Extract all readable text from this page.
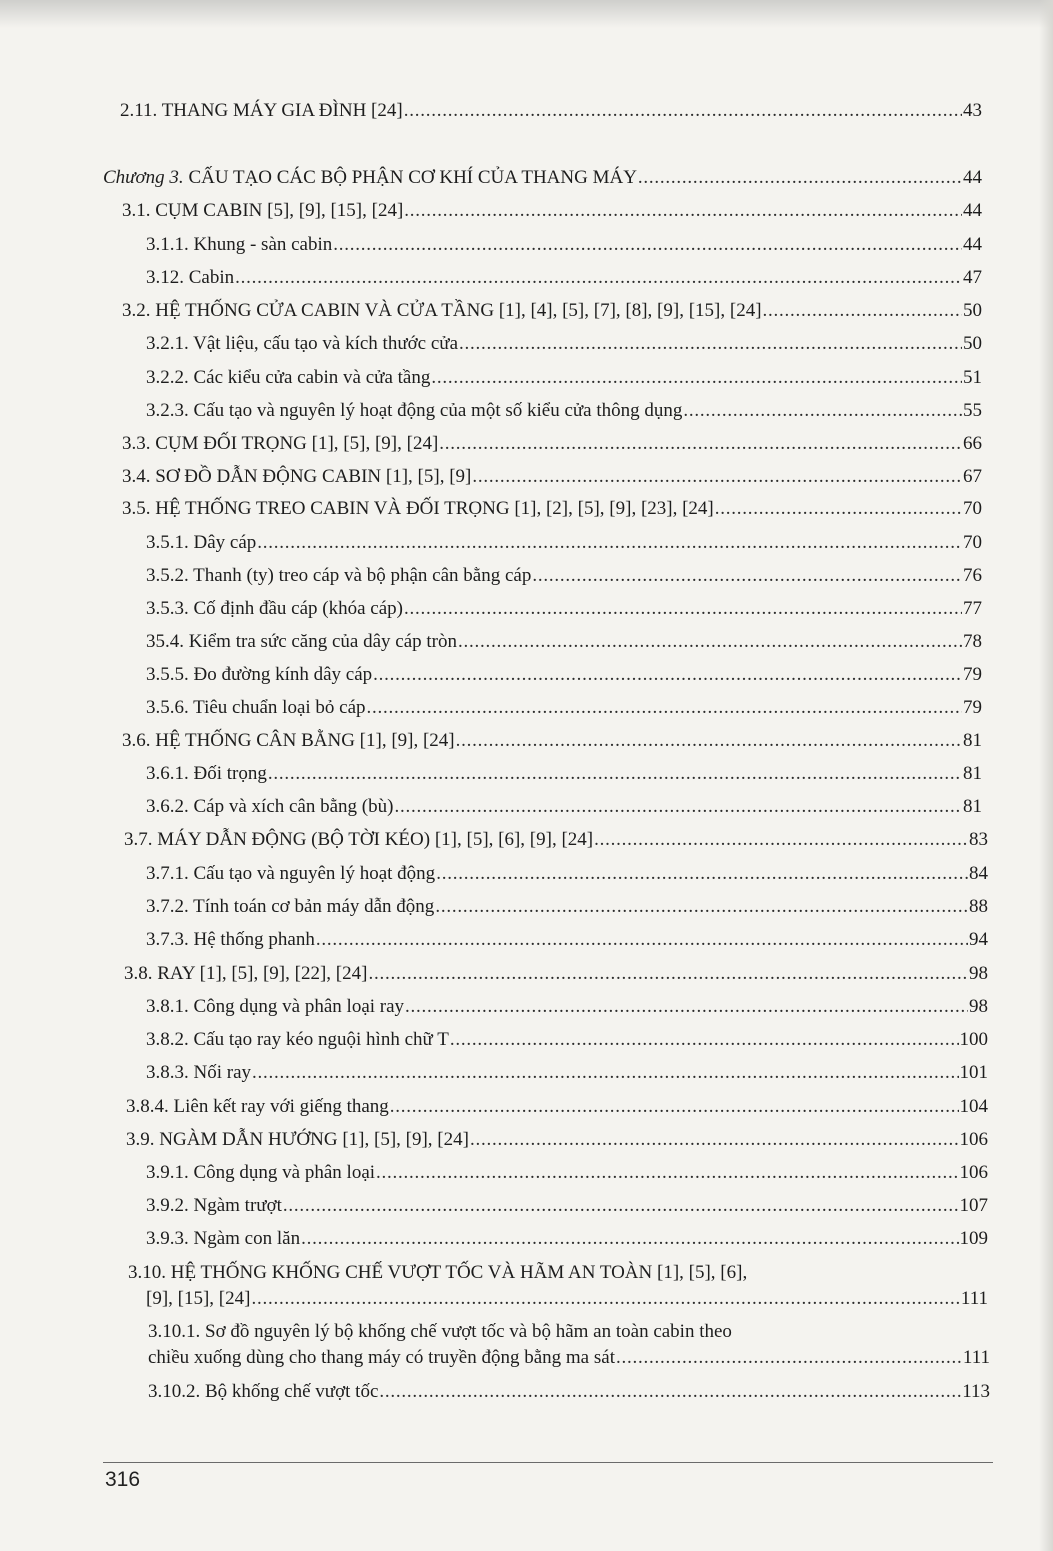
2.11. THANG MÁY GIA ĐÌNH [24] . . .	43
Chương 3. CẤU TẠO CÁC BỘ PHẬN CƠ KHÍ CỦA THANG MÁY . . .	44
3.1. CỤM CABIN [5], [9], [15], [24] . . .	44
3.1.1. Khung - sàn cabin . . .	44
3.12. Cabin . . .	47
3.2. HỆ THỐNG CỬA CABIN VÀ CỬA TẦNG [1], [4], [5], [7], [8], [9], [15], [24] . . .	50
3.2.1. Vật liệu, cấu tạo và kích thước cửa . . .	50
3.2.2. Các kiểu cửa cabin và cửa tầng . . .	51
3.2.3. Cấu tạo và nguyên lý hoạt động của một số kiểu cửa thông dụng . . .	55
3.3. CỤM ĐỐI TRỌNG [1], [5], [9], [24] . . .	66
3.4. SƠ ĐỒ DẪN ĐỘNG CABIN [1], [5], [9] . . .	67
3.5. HỆ THỐNG TREO CABIN VÀ ĐỐI TRỌNG [1], [2], [5], [9], [23], [24] . . .	70
3.5.1. Dây cáp . . .	70
3.5.2. Thanh (ty) treo cáp và bộ phận cân bằng cáp . . .	76
3.5.3. Cố định đầu cáp (khóa cáp) . . .	77
35.4. Kiểm tra sức căng của dây cáp tròn . . .	78
3.5.5. Đo đường kính dây cáp . . .	79
3.5.6. Tiêu chuẩn loại bỏ cáp . . .	79
3.6. HỆ THỐNG CÂN BẰNG [1], [9], [24] . . .	81
3.6.1. Đối trọng . . .	81
3.6.2. Cáp và xích cân bằng (bù) . . .	81
3.7. MÁY DẪN ĐỘNG (BỘ TỜI KÉO) [1], [5], [6], [9], [24] . . .	83
3.7.1. Cấu tạo và nguyên lý hoạt động . . .	84
3.7.2. Tính toán cơ bản máy dẫn động . . .	88
3.7.3. Hệ thống phanh . . .	94
3.8. RAY [1], [5], [9], [22], [24] . . .	98
3.8.1. Công dụng và phân loại ray . . .	98
3.8.2. Cấu tạo ray kéo nguội hình chữ T . . .	100
3.8.3. Nối ray . . .	101
3.8.4. Liên kết ray với giếng thang . . .	104
3.9. NGÀM DẪN HƯỚNG [1], [5], [9], [24] . . .	106
3.9.1. Công dụng và phân loại . . .	106
3.9.2. Ngàm trượt . . .	107
3.9.3. Ngàm con lăn . . .	109
3.10. HỆ THỐNG KHỐNG CHẾ VƯỢT TỐC VÀ HÃM AN TOÀN [1], [5], [6],
[9], [15], [24] . . .	111
3.10.1. Sơ đồ nguyên lý bộ khống chế vượt tốc và bộ hãm an toàn cabin theo
chiều xuống dùng cho thang máy có truyền động bằng ma sát . . .	111
3.10.2. Bộ khống chế vượt tốc . . .	113
316
